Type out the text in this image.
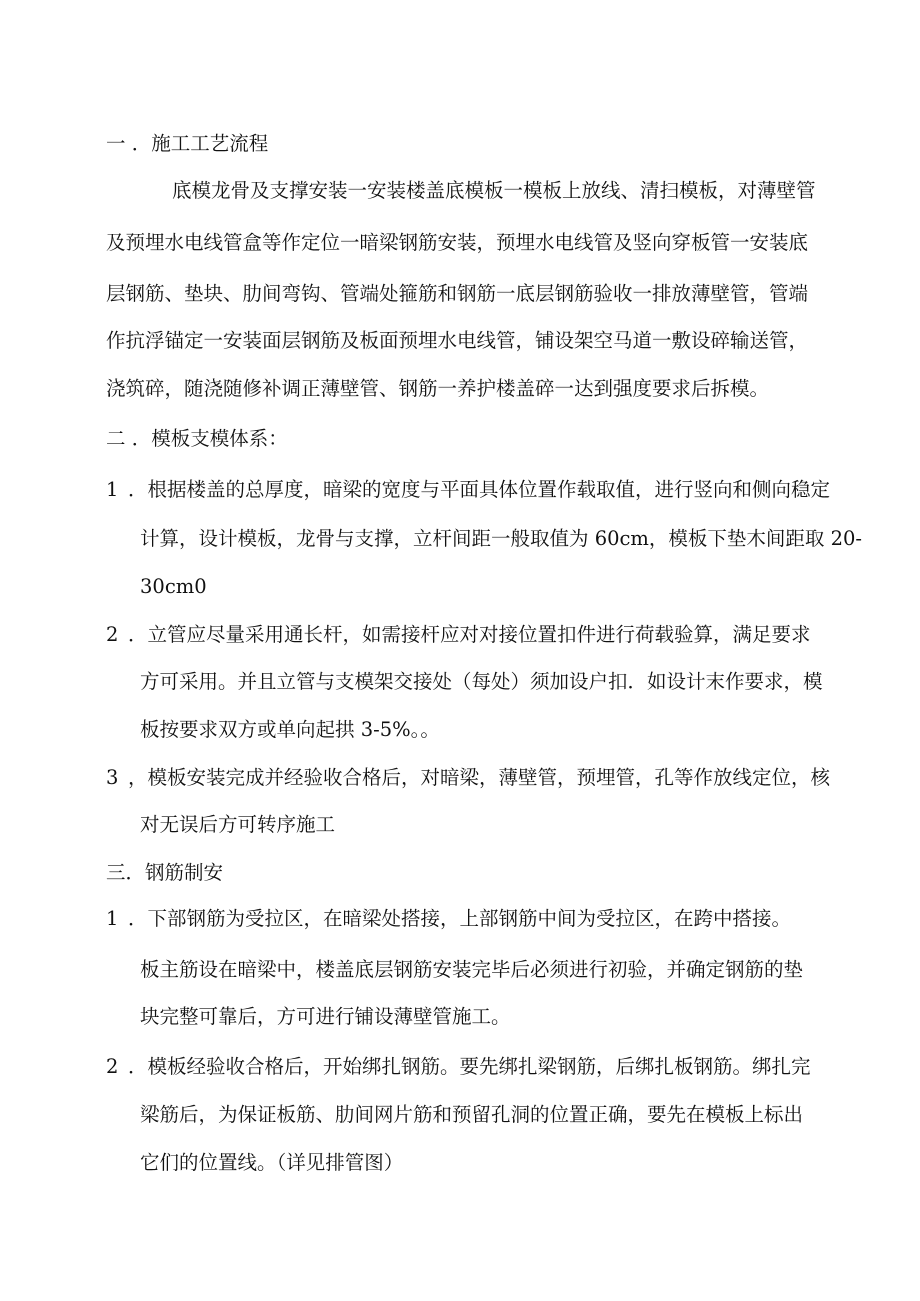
一 ．施工工艺流程
底模龙骨及支撑安装一安装楼盖底模板一模板上放线、清扫模板，对薄壁管
及预埋水电线管盒等作定位一暗梁钢筋安装，预埋水电线管及竖向穿板管一安装底
层钢筋、垫块、肋间弯钩、管端处箍筋和钢筋一底层钢筋验收一排放薄壁管，管端
作抗浮锚定一安装面层钢筋及板面预埋水电线管，铺设架空马道一敷设碎输送管，
浇筑碎，随浇随修补调正薄壁管、钢筋一养护楼盖碎一达到强度要求后拆模。
二 ．模板支模体系：
1 ．根据楼盖的总厚度，暗梁的宽度与平面具体位置作载取值，进行竖向和侧向稳定
计算，设计模板，龙骨与支撑，立杆间距一般取值为 60cm，模板下垫木间距取 20-
30cm0
2 ．立管应尽量采用通长杆，如需接杆应对对接位置扣件进行荷载验算，满足要求
方可采用。并且立管与支模架交接处（每处）须加设户扣．如设计末作要求，模
板按要求双方或单向起拱 3-5%。。
3 ，模板安装完成并经验收合格后，对暗梁，薄壁管，预埋管，孔等作放线定位，核
对无误后方可转序施工
三．钢筋制安
1 ．下部钢筋为受拉区，在暗梁处搭接，上部钢筋中间为受拉区，在跨中搭接。
板主筋设在暗梁中，楼盖底层钢筋安装完毕后必须进行初验，并确定钢筋的垫
块完整可靠后，方可进行铺设薄壁管施工。
2 ．模板经验收合格后，开始绑扎钢筋。要先绑扎梁钢筋，后绑扎板钢筋。绑扎完
梁筋后，为保证板筋、肋间网片筋和预留孔洞的位置正确，要先在模板上标出
它们的位置线。（详见排管图）
